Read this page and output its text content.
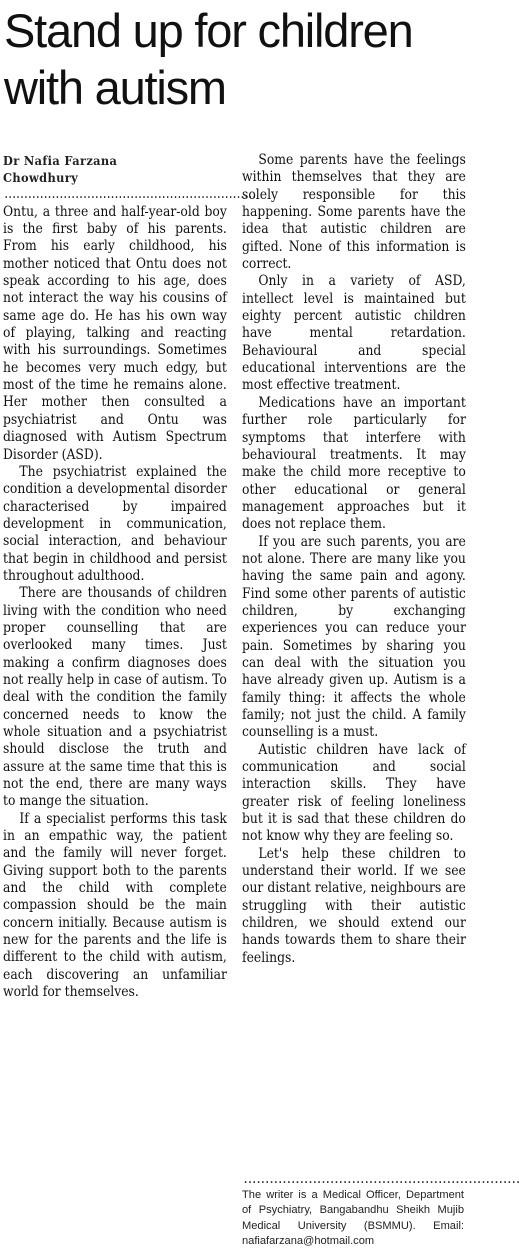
Stand up for children with autism
Dr Nafia Farzana
Chowdhury
................................................................

Ontu, a three and half-year-old boy is the first baby of his parents. From his early childhood, his mother noticed that Ontu does not speak according to his age, does not interact the way his cousins of same age do. He has his own way of playing, talking and reacting with his surroundings. Sometimes he becomes very much edgy, but most of the time he remains alone. Her mother then consulted a psychiatrist and Ontu was diagnosed with Autism Spectrum Disorder (ASD).

The psychiatrist explained the condition a developmental disorder characterised by impaired development in communication, social interaction, and behaviour that begin in childhood and persist throughout adulthood.

There are thousands of children living with the condition who need proper counselling that are overlooked many times. Just making a confirm diagnoses does not really help in case of autism. To deal with the condition the family concerned needs to know the whole situation and a psychiatrist should disclose the truth and assure at the same time that this is not the end, there are many ways to mange the situation.

If a specialist performs this task in an empathic way, the patient and the family will never forget. Giving support both to the parents and the child with complete compassion should be the main concern initially. Because autism is new for the parents and the life is different to the child with autism, each discovering an unfamiliar world for themselves.

Some parents have the feelings within themselves that they are solely responsible for this happening. Some parents have the idea that autistic children are gifted. None of this information is correct.

Only in a variety of ASD, intellect level is maintained but eighty percent autistic children have mental retardation. Behavioural and special educational interventions are the most effective treatment.

Medications have an important further role particularly for symptoms that interfere with behavioural treatments. It may make the child more receptive to other educational or general management approaches but it does not replace them.

If you are such parents, you are not alone. There are many like you having the same pain and agony. Find some other parents of autistic children, by exchanging experiences you can reduce your pain. Sometimes by sharing you can deal with the situation you have already given up. Autism is a family thing: it affects the whole family; not just the child. A family counselling is a must.

Autistic children have lack of communication and social interaction skills. They have greater risk of feeling loneliness but it is sad that these children do not know why they are feeling so.

Let's help these children to understand their world. If we see our distant relative, neighbours are struggling with their autistic children, we should extend our hands towards them to share their feelings.

................................................................
The writer is a Medical Officer, Department of Psychiatry, Bangabandhu Sheikh Mujib Medical University (BSMMU). Email: nafiafarzana@hotmail.com
